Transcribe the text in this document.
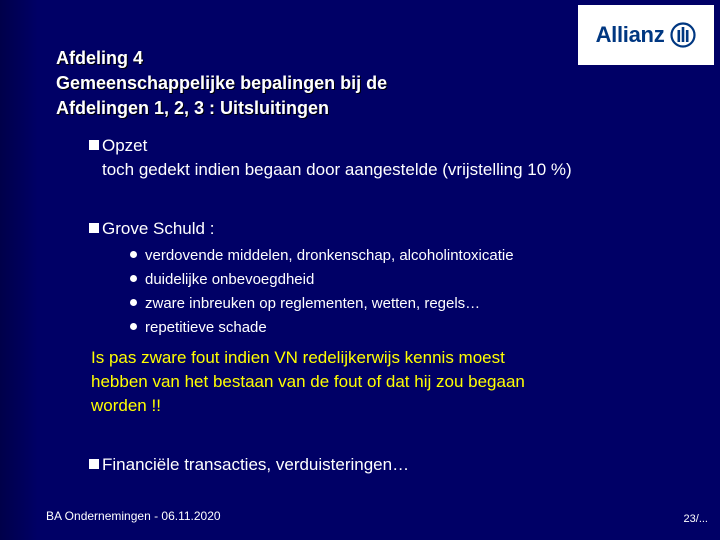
Allianz
Afdeling 4
Gemeenschappelijke bepalingen bij de
Afdelingen 1, 2, 3 : Uitsluitingen
Opzet
toch gedekt indien begaan door aangestelde (vrijstelling 10 %)
Grove Schuld :
verdovende middelen, dronkenschap, alcoholintoxicatie
duidelijke onbevoegdheid
zware inbreuken op reglementen, wetten, regels…
repetitieve schade
Is pas zware fout indien VN redelijkerwijs kennis moest
hebben van het bestaan van de fout of dat hij zou begaan
worden !!
Financiële transacties, verduisteringen…
BA Ondernemingen - 06.11.2020	23/...
